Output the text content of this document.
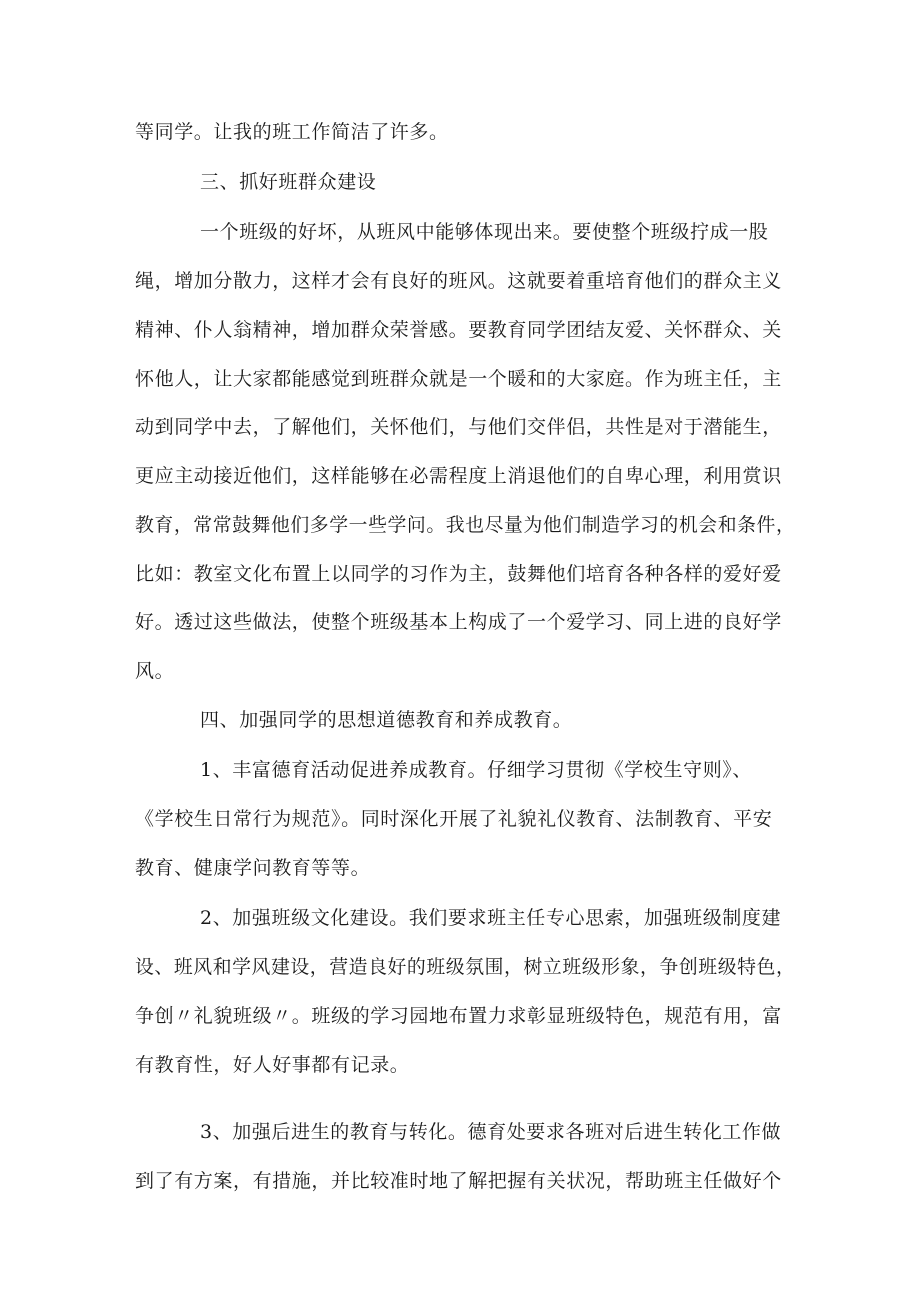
等同学。让我的班工作简洁了许多。
三、抓好班群众建设
一个班级的好坏，从班风中能够体现出来。要使整个班级拧成一股
绳，增加分散力，这样才会有良好的班风。这就要着重培育他们的群众主义
精神、仆人翁精神，增加群众荣誉感。要教育同学团结友爱、关怀群众、关
怀他人，让大家都能感觉到班群众就是一个暖和的大家庭。作为班主任，主
动到同学中去，了解他们，关怀他们，与他们交伴侣，共性是对于潜能生，
更应主动接近他们，这样能够在必需程度上消退他们的自卑心理，利用赏识
教育，常常鼓舞他们多学一些学问。我也尽量为他们制造学习的机会和条件，
比如：教室文化布置上以同学的习作为主，鼓舞他们培育各种各样的爱好爱
好。透过这些做法，使整个班级基本上构成了一个爱学习、同上进的良好学
风。
四、加强同学的思想道德教育和养成教育。
1、丰富德育活动促进养成教育。仔细学习贯彻《学校生守则》、
《学校生日常行为规范》。同时深化开展了礼貌礼仪教育、法制教育、平安
教育、健康学问教育等等。
2、加强班级文化建设。我们要求班主任专心思索，加强班级制度建
设、班风和学风建设，营造良好的班级氛围，树立班级形象，争创班级特色，
争创〃礼貌班级〃。班级的学习园地布置力求彰显班级特色，规范有用，富
有教育性，好人好事都有记录。
3、加强后进生的教育与转化。德育处要求各班对后进生转化工作做
到了有方案，有措施，并比较准时地了解把握有关状况，帮助班主任做好个
